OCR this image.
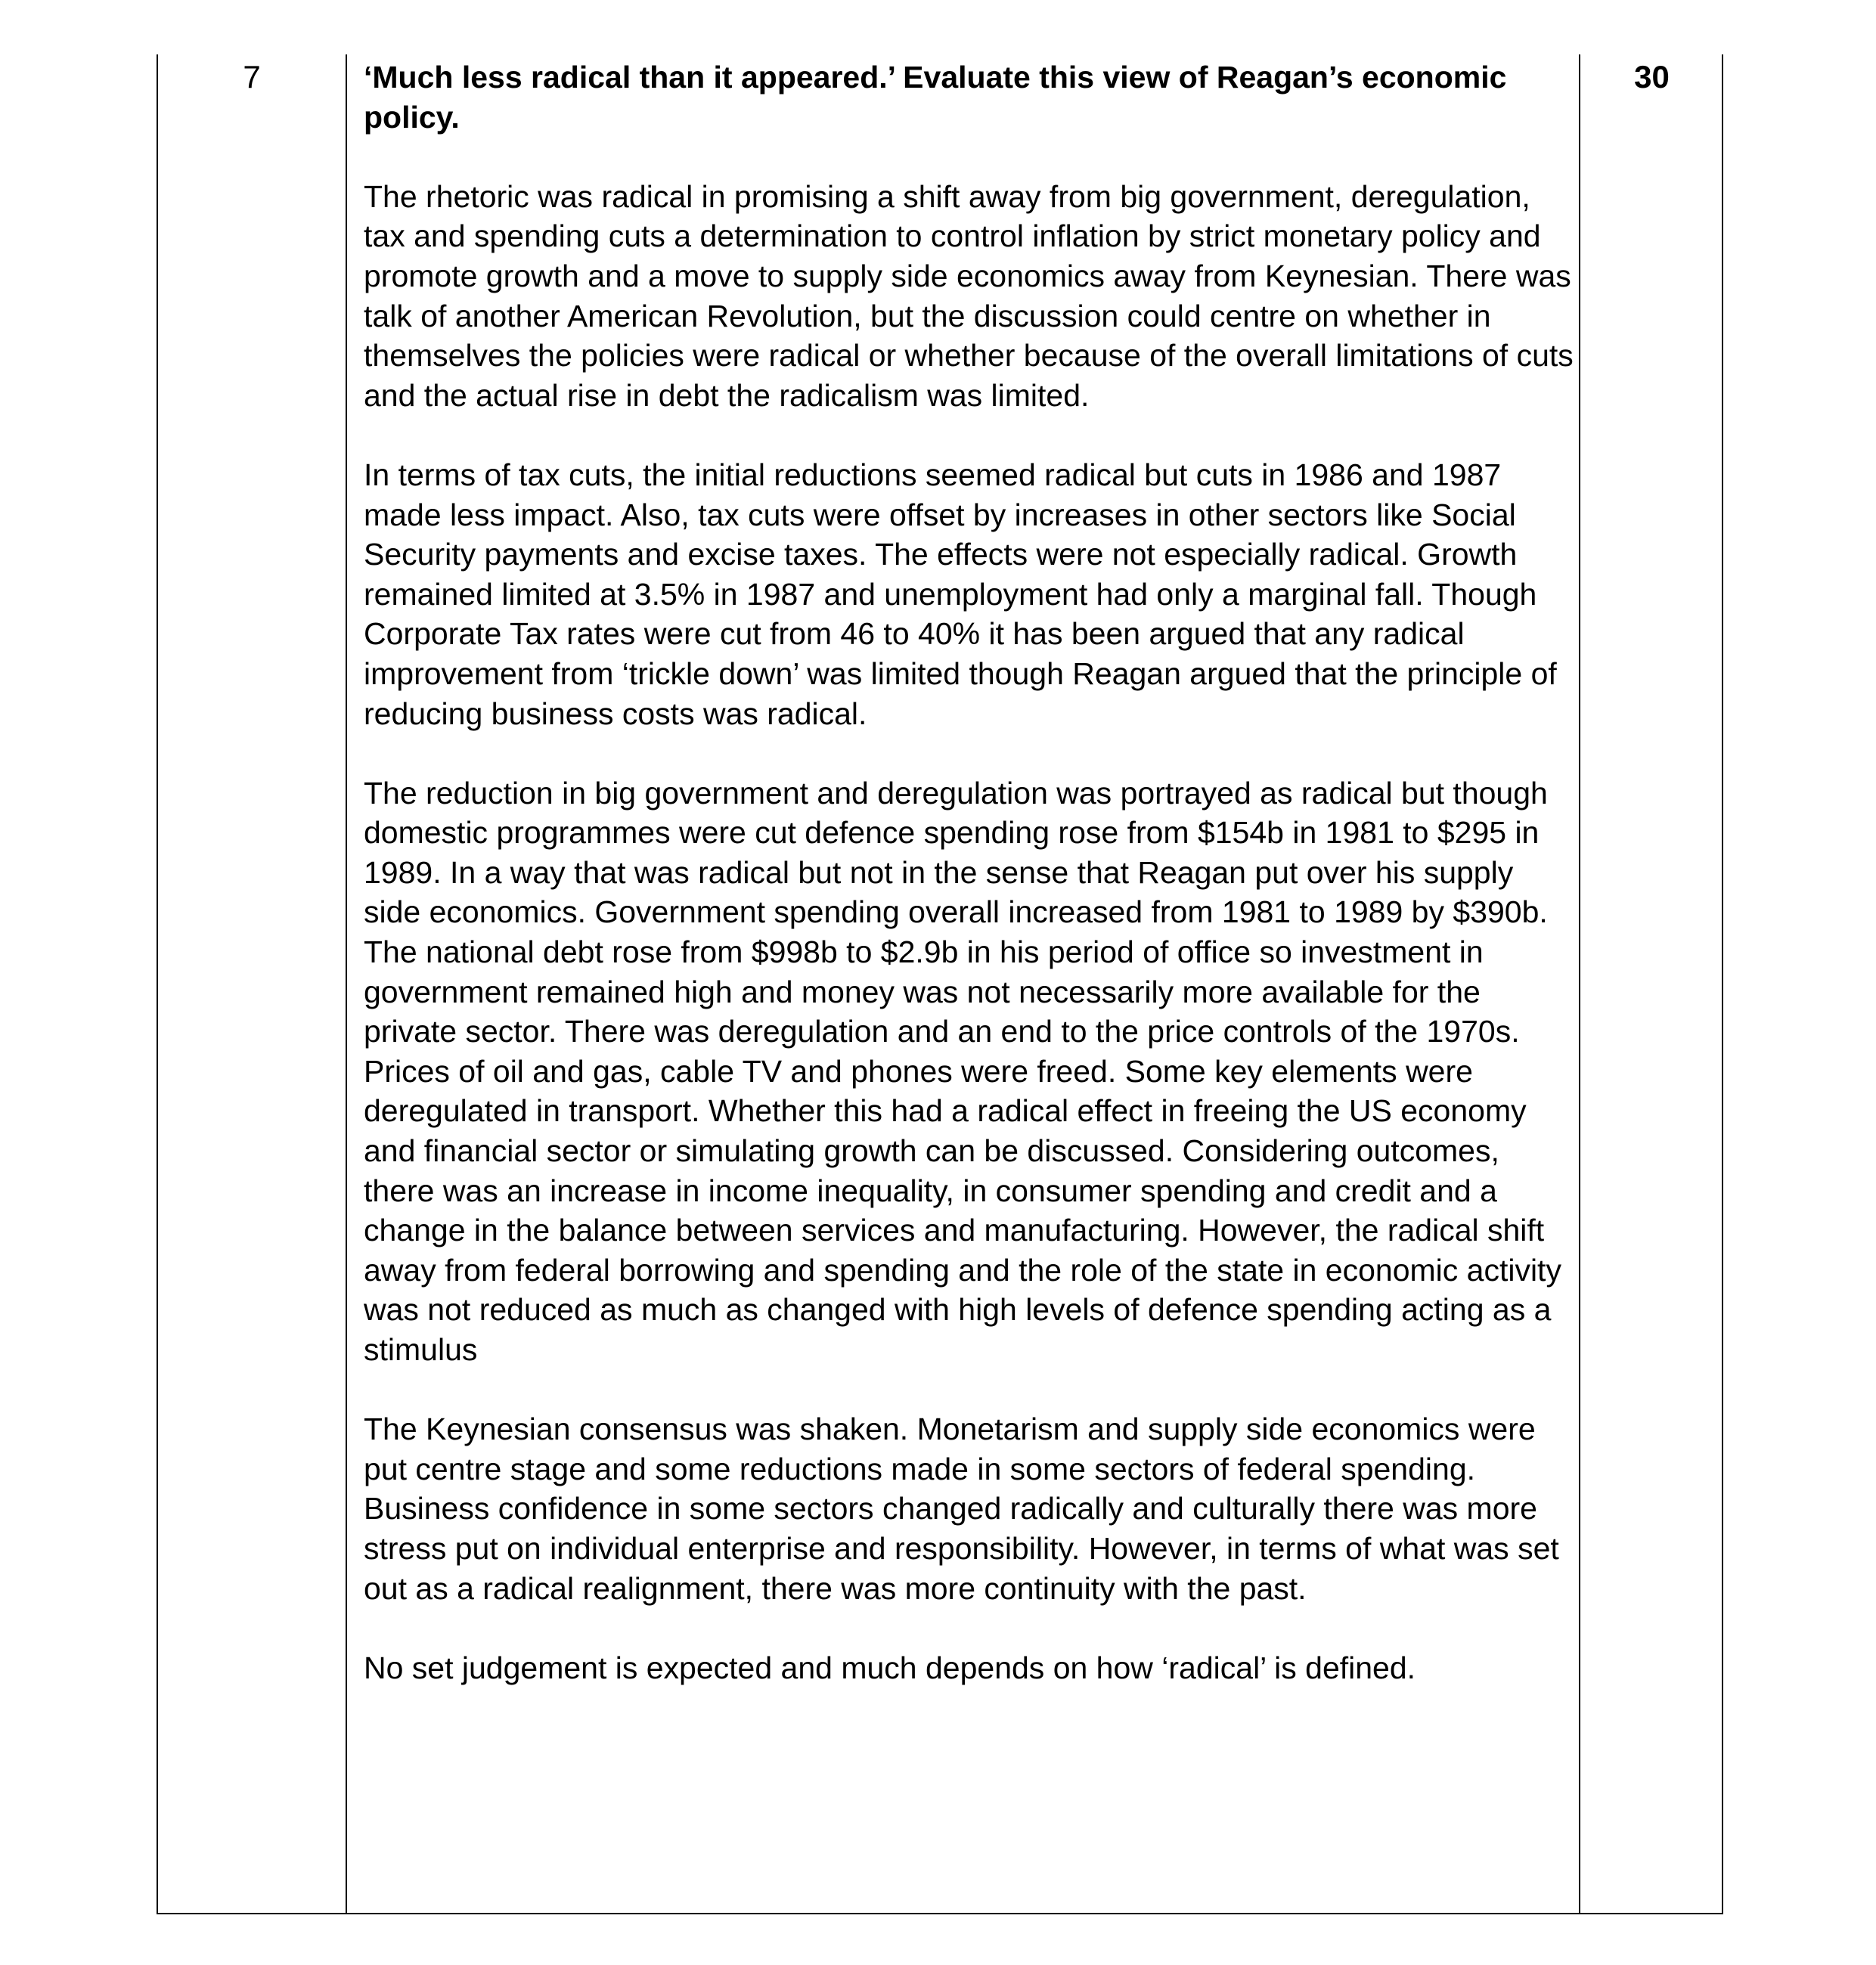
7	‘Much less radical than it appeared.’ Evaluate this view of Reagan’s economic policy.

The rhetoric was radical in promising a shift away from big government, deregulation, tax and spending cuts a determination to control inflation by strict monetary policy and promote growth and a move to supply side economics away from Keynesian. There was talk of another American Revolution, but the discussion could centre on whether in themselves the policies were radical or whether because of the overall limitations of cuts and the actual rise in debt the radicalism was limited.

In terms of tax cuts, the initial reductions seemed radical but cuts in 1986 and 1987 made less impact. Also, tax cuts were offset by increases in other sectors like Social Security payments and excise taxes. The effects were not especially radical. Growth remained limited at 3.5% in 1987 and unemployment had only a marginal fall. Though Corporate Tax rates were cut from 46 to 40% it has been argued that any radical improvement from ‘trickle down’ was limited though Reagan argued that the principle of reducing business costs was radical.

The reduction in big government and deregulation was portrayed as radical but though domestic programmes were cut defence spending rose from $154b in 1981 to $295 in 1989. In a way that was radical but not in the sense that Reagan put over his supply side economics. Government spending overall increased from 1981 to 1989 by $390b. The national debt rose from $998b to $2.9b in his period of office so investment in government remained high and money was not necessarily more available for the private sector. There was deregulation and an end to the price controls of the 1970s. Prices of oil and gas, cable TV and phones were freed. Some key elements were deregulated in transport. Whether this had a radical effect in freeing the US economy and financial sector or simulating growth can be discussed. Considering outcomes, there was an increase in income inequality, in consumer spending and credit and a change in the balance between services and manufacturing. However, the radical shift away from federal borrowing and spending and the role of the state in economic activity was not reduced as much as changed with high levels of defence spending acting as a stimulus

The Keynesian consensus was shaken. Monetarism and supply side economics were put centre stage and some reductions made in some sectors of federal spending. Business confidence in some sectors changed radically and culturally there was more stress put on individual enterprise and responsibility. However, in terms of what was set out as a radical realignment, there was more continuity with the past.

No set judgement is expected and much depends on how ‘radical’ is defined.

30
